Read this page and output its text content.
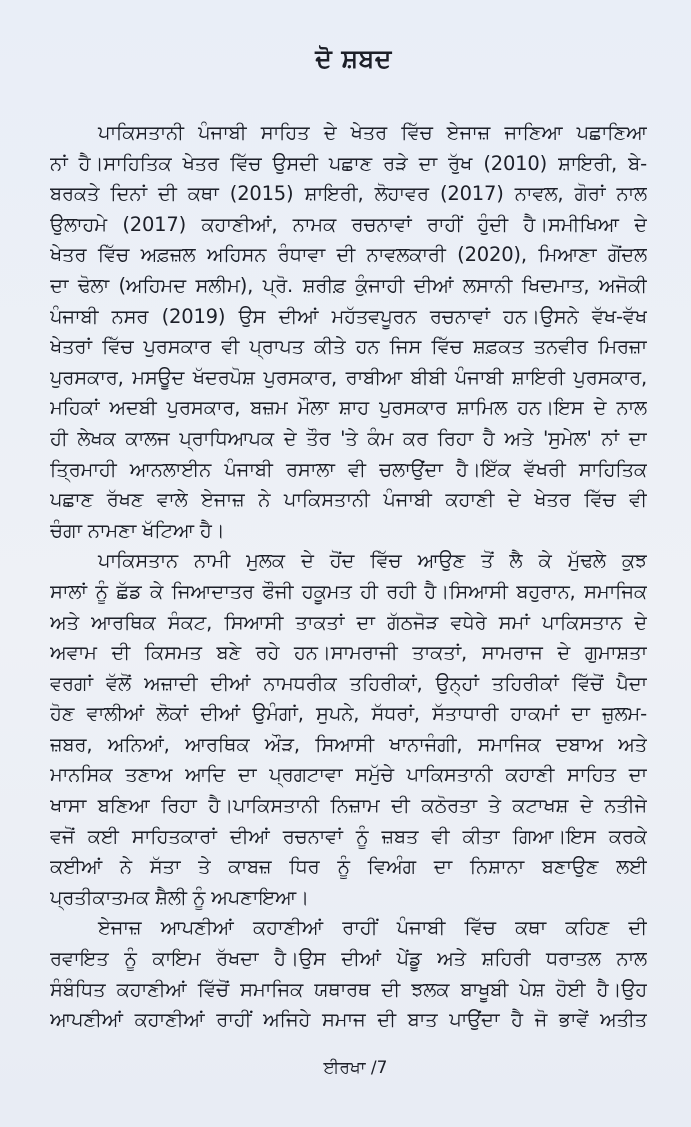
ਦੋ ਸ਼ਬਦ
ਪਾਕਿਸਤਾਨੀ ਪੰਜਾਬੀ ਸਾਹਿਤ ਦੇ ਖੇਤਰ ਵਿੱਚ ਏਜਾਜ਼ ਜਾਣਿਆ ਪਛਾਣਿਆ
ਨਾਂ ਹੈ।ਸਾਹਿਤਿਕ ਖੇਤਰ ਵਿੱਚ ਉਸਦੀ ਪਛਾਣ ਰੜੇ ਦਾ ਰੁੱਖ (2010) ਸ਼ਾਇਰੀ, ਬੇ-
ਬਰਕਤੇ ਦਿਨਾਂ ਦੀ ਕਥਾ (2015) ਸ਼ਾਇਰੀ, ਲੋਹਾਵਰ (2017) ਨਾਵਲ, ਗੋਰਾਂ ਨਾਲ
ਉਲਾਹਮੇ (2017) ਕਹਾਣੀਆਂ, ਨਾਮਕ ਰਚਨਾਵਾਂ ਰਾਹੀਂ ਹੁੰਦੀ ਹੈ।ਸਮੀਖਿਆ ਦੇ
ਖੇਤਰ ਵਿੱਚ ਅਫ਼ਜ਼ਲ ਅਹਿਸਨ ਰੰਧਾਵਾ ਦੀ ਨਾਵਲਕਾਰੀ (2020), ਮਿਆਣਾ ਗੋਂਦਲ
ਦਾ ਢੋਲਾ (ਅਹਿਮਦ ਸਲੀਮ), ਪ੍ਰੋ. ਸ਼ਰੀਫ਼ ਕੁੰਜਾਹੀ ਦੀਆਂ ਲਸਾਨੀ ਖਿਦਮਾਤ, ਅਜੋਕੀ
ਪੰਜਾਬੀ ਨਸਰ (2019) ਉਸ ਦੀਆਂ ਮਹੱਤਵਪੂਰਨ ਰਚਨਾਵਾਂ ਹਨ।ਉਸਨੇ ਵੱਖ-ਵੱਖ
ਖੇਤਰਾਂ ਵਿੱਚ ਪੁਰਸਕਾਰ ਵੀ ਪ੍ਰਾਪਤ ਕੀਤੇ ਹਨ ਜਿਸ ਵਿੱਚ ਸ਼ਫ਼ਕਤ ਤਨਵੀਰ ਮਿਰਜ਼ਾ
ਪੁਰਸਕਾਰ, ਮਸਊਦ ਖੱਦਰਪੋਸ਼ ਪੁਰਸਕਾਰ, ਰਾਬੀਆ ਬੀਬੀ ਪੰਜਾਬੀ ਸ਼ਾਇਰੀ ਪੁਰਸਕਾਰ,
ਮਹਿਕਾਂ ਅਦਬੀ ਪੁਰਸਕਾਰ, ਬਜ਼ਮ ਮੌਲਾ ਸ਼ਾਹ ਪੁਰਸਕਾਰ ਸ਼ਾਮਿਲ ਹਨ।ਇਸ ਦੇ ਨਾਲ
ਹੀ ਲੇਖਕ ਕਾਲਜ ਪ੍ਰਾਧਿਆਪਕ ਦੇ ਤੌਰ 'ਤੇ ਕੰਮ ਕਰ ਰਿਹਾ ਹੈ ਅਤੇ 'ਸੁਮੇਲ' ਨਾਂ ਦਾ
ਤ੍ਰਿਮਾਹੀ ਆਨਲਾਈਨ ਪੰਜਾਬੀ ਰਸਾਲਾ ਵੀ ਚਲਾਉਂਦਾ ਹੈ।ਇੱਕ ਵੱਖਰੀ ਸਾਹਿਤਿਕ
ਪਛਾਣ ਰੱਖਣ ਵਾਲੇ ਏਜਾਜ਼ ਨੇ ਪਾਕਿਸਤਾਨੀ ਪੰਜਾਬੀ ਕਹਾਣੀ ਦੇ ਖੇਤਰ ਵਿੱਚ ਵੀ
ਚੰਗਾ ਨਾਮਣਾ ਖੱਟਿਆ ਹੈ।
ਪਾਕਿਸਤਾਨ ਨਾਮੀ ਮੁਲਕ ਦੇ ਹੋਂਦ ਵਿੱਚ ਆਉਣ ਤੋਂ ਲੈ ਕੇ ਮੁੱਢਲੇ ਕੁਝ
ਸਾਲਾਂ ਨੂੰ ਛੱਡ ਕੇ ਜਿਆਦਾਤਰ ਫੌਜੀ ਹਕੂਮਤ ਹੀ ਰਹੀ ਹੈ।ਸਿਆਸੀ ਬਹੁਰਾਨ, ਸਮਾਜਿਕ
ਅਤੇ ਆਰਥਿਕ ਸੰਕਟ, ਸਿਆਸੀ ਤਾਕਤਾਂ ਦਾ ਗੱਠਜੋੜ ਵਧੇਰੇ ਸਮਾਂ ਪਾਕਿਸਤਾਨ ਦੇ
ਅਵਾਮ ਦੀ ਕਿਸਮਤ ਬਣੇ ਰਹੇ ਹਨ।ਸਾਮਰਾਜੀ ਤਾਕਤਾਂ, ਸਾਮਰਾਜ ਦੇ ਗੁਮਾਸ਼ਤਾ
ਵਰਗਾਂ ਵੱਲੋਂ ਅਜ਼ਾਦੀ ਦੀਆਂ ਨਾਮਧਰੀਕ ਤਹਿਰੀਕਾਂ, ਉਨ੍ਹਾਂ ਤਹਿਰੀਕਾਂ ਵਿੱਚੋਂ ਪੈਦਾ
ਹੋਣ ਵਾਲੀਆਂ ਲੋਕਾਂ ਦੀਆਂ ਉਮੰਗਾਂ, ਸੁਪਨੇ, ਸੱਧਰਾਂ, ਸੱਤਾਧਾਰੀ ਹਾਕਮਾਂ ਦਾ ਜ਼ੁਲਮ-
ਜ਼ਬਰ, ਅਨਿਆਂ, ਆਰਥਿਕ ਔੜ, ਸਿਆਸੀ ਖਾਨਾਜੰਗੀ, ਸਮਾਜਿਕ ਦਬਾਅ ਅਤੇ
ਮਾਨਸਿਕ ਤਣਾਅ ਆਦਿ ਦਾ ਪ੍ਰਗਟਾਵਾ ਸਮੁੱਚੇ ਪਾਕਿਸਤਾਨੀ ਕਹਾਣੀ ਸਾਹਿਤ ਦਾ
ਖਾਸਾ ਬਣਿਆ ਰਿਹਾ ਹੈ।ਪਾਕਿਸਤਾਨੀ ਨਿਜ਼ਾਮ ਦੀ ਕਠੋਰਤਾ ਤੇ ਕਟਾਖਸ਼ ਦੇ ਨਤੀਜੇ
ਵਜੋਂ ਕਈ ਸਾਹਿਤਕਾਰਾਂ ਦੀਆਂ ਰਚਨਾਵਾਂ ਨੂੰ ਜ਼ਬਤ ਵੀ ਕੀਤਾ ਗਿਆ।ਇਸ ਕਰਕੇ
ਕਈਆਂ ਨੇ ਸੱਤਾ ਤੇ ਕਾਬਜ਼ ਧਿਰ ਨੂੰ ਵਿਅੰਗ ਦਾ ਨਿਸ਼ਾਨਾ ਬਣਾਉਣ ਲਈ
ਪ੍ਰਤੀਕਾਤਮਕ ਸ਼ੈਲੀ ਨੂੰ ਅਪਣਾਇਆ।
ਏਜਾਜ਼ ਆਪਣੀਆਂ ਕਹਾਣੀਆਂ ਰਾਹੀਂ ਪੰਜਾਬੀ ਵਿੱਚ ਕਥਾ ਕਹਿਣ ਦੀ
ਰਵਾਇਤ ਨੂੰ ਕਾਇਮ ਰੱਖਦਾ ਹੈ।ਉਸ ਦੀਆਂ ਪੇਂਡੂ ਅਤੇ ਸ਼ਹਿਰੀ ਧਰਾਤਲ ਨਾਲ
ਸੰਬੰਧਿਤ ਕਹਾਣੀਆਂ ਵਿੱਚੋਂ ਸਮਾਜਿਕ ਯਥਾਰਥ ਦੀ ਝਲਕ ਬਾਖੂਬੀ ਪੇਸ਼ ਹੋਈ ਹੈ।ਉਹ
ਆਪਣੀਆਂ ਕਹਾਣੀਆਂ ਰਾਹੀਂ ਅਜਿਹੇ ਸਮਾਜ ਦੀ ਬਾਤ ਪਾਉਂਦਾ ਹੈ ਜੋ ਭਾਵੇਂ ਅਤੀਤ
ਈਰਖਾ /7
